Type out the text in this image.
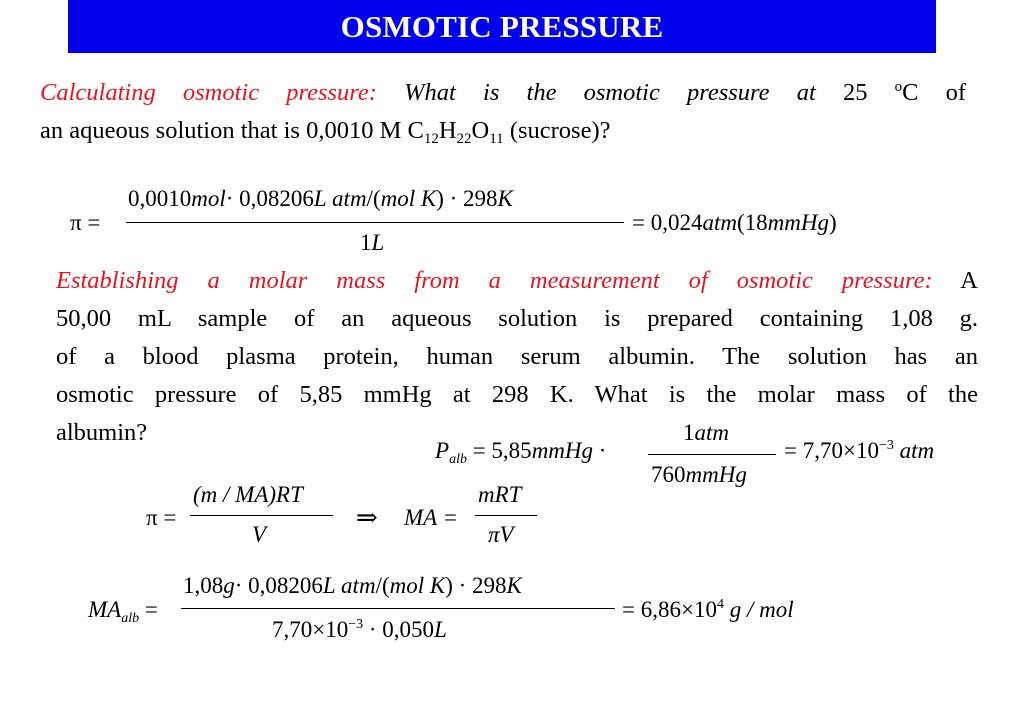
OSMOTIC PRESSURE
Calculating osmotic pressure: What is the osmotic pressure at 25 $^o$C of
an aqueous solution that is 0,0010 M $C_{12}H_{22}O_{11}$ (sucrose)?
π =
0,0010mol· 0,08206L atm/(mol K) · 298K
1L
= 0,024atm(18mmHg)
Establishing a molar mass from a measurement of osmotic pressure: A
50,00 mL sample of an aqueous solution is prepared containing 1,08 g.
of a blood plasma protein, human serum albumin. The solution has an
osmotic pressure of 5,85 mmHg at 298 K. What is the molar mass of the
albumin?
$P_{alb}$ = 5,85mmHg ·
1atm
760mmHg
= $7,70\times 10^{-3}$ atm
π =
(m / MA)RT
V
⇒ MA =
mRT
πV
$MA_{alb}$ =
1,08g· 0,08206L atm/(mol K) · 298K
$7,70\times 10^{-3} \cdot 0,050L$
= $6,86\times 10^4$ g / mol
